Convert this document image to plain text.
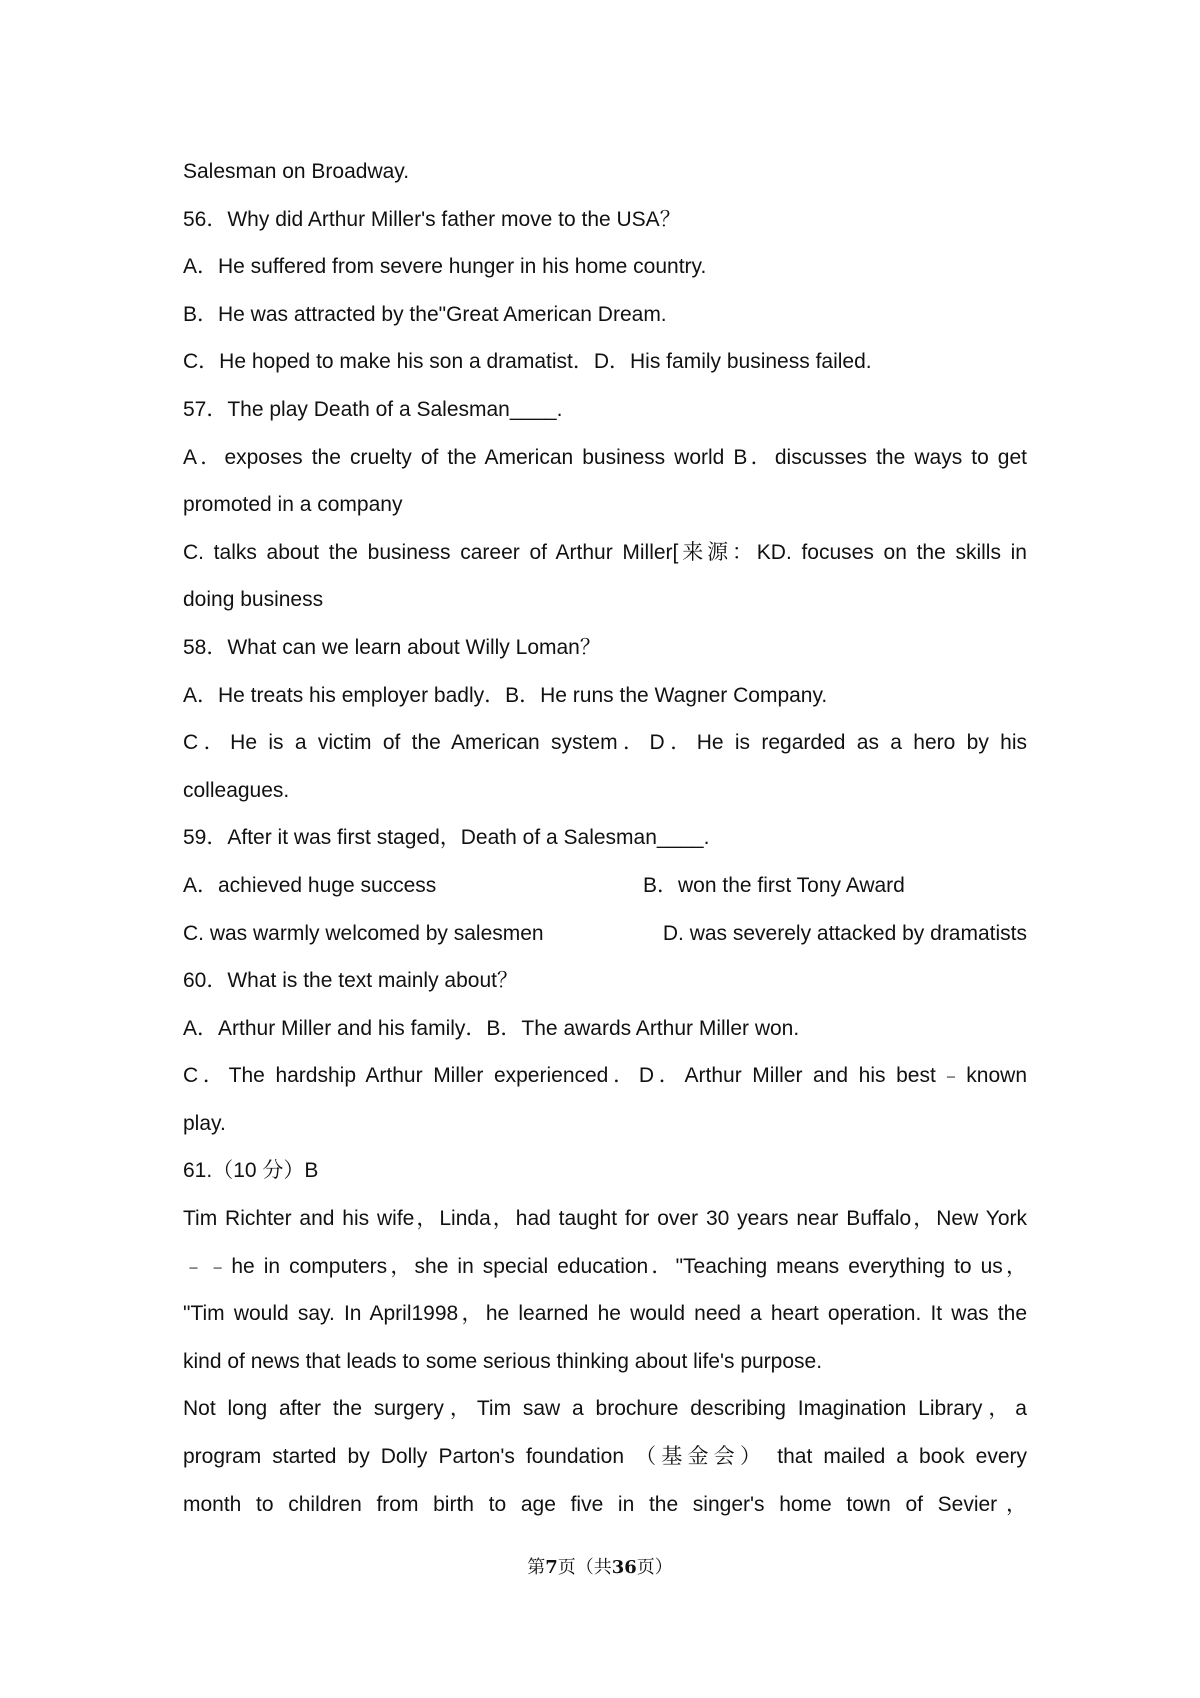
Salesman on Broadway.
56．Why did Arthur Miller's father move to the USA？
A．He suffered from severe hunger in his home country.
B．He was attracted by the"Great American Dream.
C．He hoped to make his son a dramatist．D．His family business failed.
57．The play Death of a Salesman____.
A．exposes the cruelty of the American business world B．discusses the ways to get
promoted in a company
C. talks about the business career of Arthur Miller[来源：KD. focuses on the skills in
doing business
58．What can we learn about Willy Loman？
A．He treats his employer badly．B．He runs the Wagner Company.
C．He is a victim of the American system．D．He is regarded as a hero by his
colleagues.
59．After it was first staged，Death of a Salesman____.
A．achieved huge success	B．won the first Tony Award
C. was warmly welcomed by salesmen	D. was severely attacked by dramatists
60．What is the text mainly about？
A．Arthur Miller and his family．B．The awards Arthur Miller won.
C．The hardship Arthur Miller experienced．D．Arthur Miller and his best﹣known
play.
61.（10 分）B
Tim Richter and his wife，Linda，had taught for over 30 years near Buffalo，New York
﹣﹣he in computers，she in special education．"Teaching means everything to us，
"Tim would say. In April1998，he learned he would need a heart operation. It was the
kind of news that leads to some serious thinking about life's purpose.
Not long after the surgery，Tim saw a brochure describing Imagination Library，a
program started by Dolly Parton's foundation （基金会） that mailed a book every
month to children from birth to age five in the singer's home town of Sevier，
第7页（共36页）
